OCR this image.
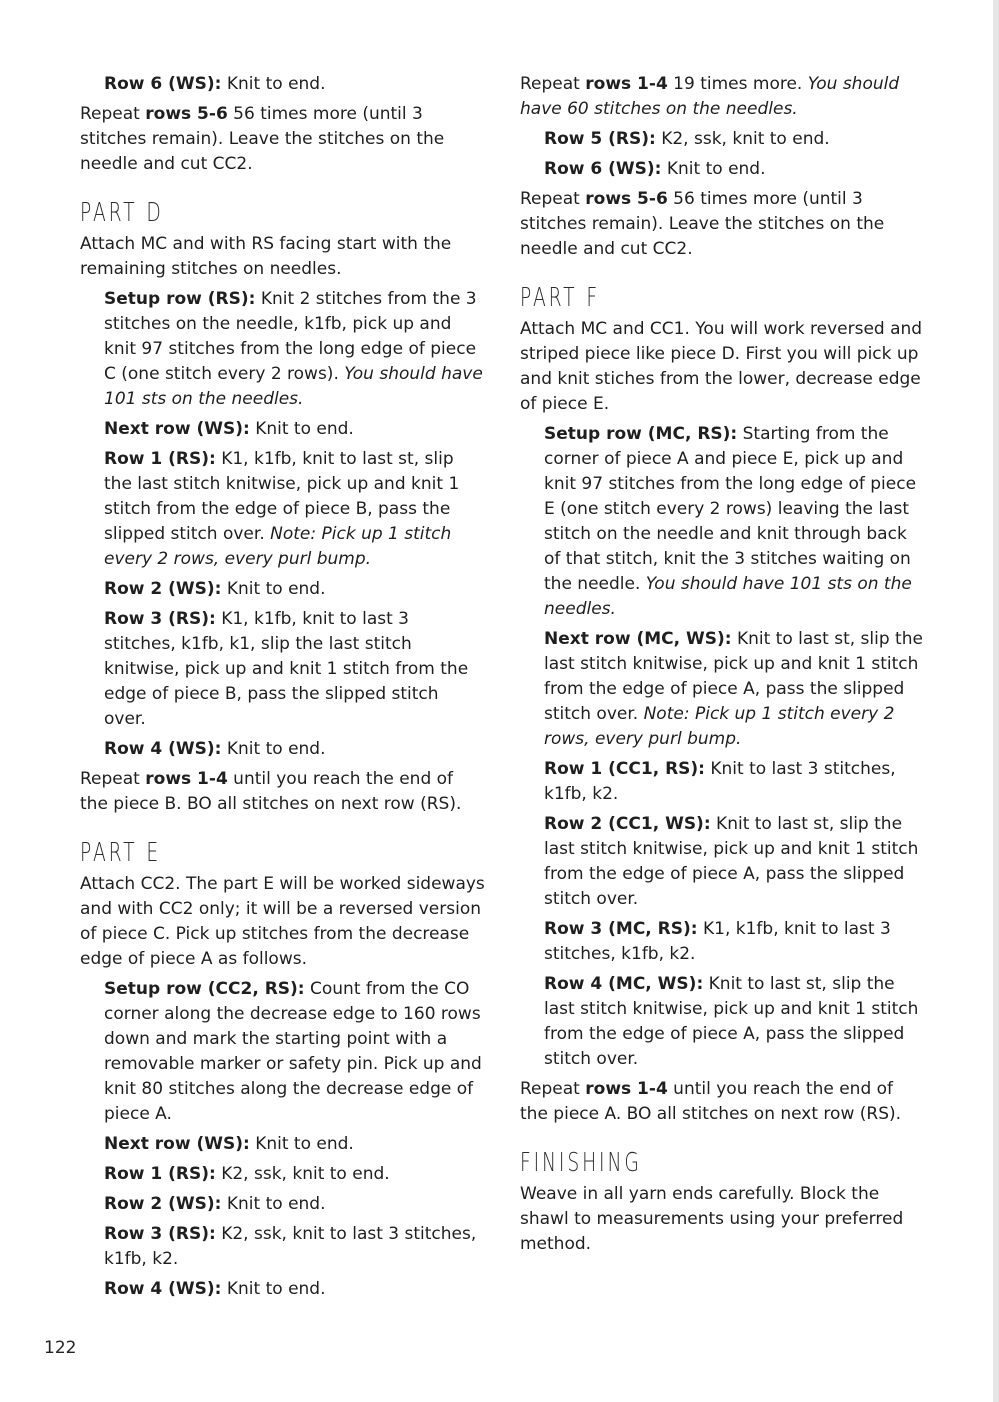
Row 6 (WS): Knit to end.
Repeat rows 5-6 56 times more (until 3 stitches remain). Leave the stitches on the needle and cut CC2.
PART D
Attach MC and with RS facing start with the remaining stitches on needles.
Setup row (RS): Knit 2 stitches from the 3 stitches on the needle, k1fb, pick up and knit 97 stitches from the long edge of piece C (one stitch every 2 rows). You should have 101 sts on the needles.
Next row (WS): Knit to end.
Row 1 (RS): K1, k1fb, knit to last st, slip the last stitch knitwise, pick up and knit 1 stitch from the edge of piece B, pass the slipped stitch over. Note: Pick up 1 stitch every 2 rows, every purl bump.
Row 2 (WS): Knit to end.
Row 3 (RS): K1, k1fb, knit to last 3 stitches, k1fb, k1, slip the last stitch knitwise, pick up and knit 1 stitch from the edge of piece B, pass the slipped stitch over.
Row 4 (WS): Knit to end.
Repeat rows 1-4 until you reach the end of the piece B. BO all stitches on next row (RS).
PART E
Attach CC2. The part E will be worked sideways and with CC2 only; it will be a reversed version of piece C. Pick up stitches from the decrease edge of piece A as follows.
Setup row (CC2, RS): Count from the CO corner along the decrease edge to 160 rows down and mark the starting point with a removable marker or safety pin. Pick up and knit 80 stitches along the decrease edge of piece A.
Next row (WS): Knit to end.
Row 1 (RS): K2, ssk, knit to end.
Row 2 (WS): Knit to end.
Row 3 (RS): K2, ssk, knit to last 3 stitches, k1fb, k2.
Row 4 (WS): Knit to end.
Repeat rows 1-4 19 times more. You should have 60 stitches on the needles.
Row 5 (RS): K2, ssk, knit to end.
Row 6 (WS): Knit to end.
Repeat rows 5-6 56 times more (until 3 stitches remain). Leave the stitches on the needle and cut CC2.
PART F
Attach MC and CC1. You will work reversed and striped piece like piece D. First you will pick up and knit stiches from the lower, decrease edge of piece E.
Setup row (MC, RS): Starting from the corner of piece A and piece E, pick up and knit 97 stitches from the long edge of piece E (one stitch every 2 rows) leaving the last stitch on the needle and knit through back of that stitch, knit the 3 stitches waiting on the needle. You should have 101 sts on the needles.
Next row (MC, WS): Knit to last st, slip the last stitch knitwise, pick up and knit 1 stitch from the edge of piece A, pass the slipped stitch over. Note: Pick up 1 stitch every 2 rows, every purl bump.
Row 1 (CC1, RS): Knit to last 3 stitches, k1fb, k2.
Row 2 (CC1, WS): Knit to last st, slip the last stitch knitwise, pick up and knit 1 stitch from the edge of piece A, pass the slipped stitch over.
Row 3 (MC, RS): K1, k1fb, knit to last 3 stitches, k1fb, k2.
Row 4 (MC, WS): Knit to last st, slip the last stitch knitwise, pick up and knit 1 stitch from the edge of piece A, pass the slipped stitch over.
Repeat rows 1-4 until you reach the end of the piece A. BO all stitches on next row (RS).
FINISHING
Weave in all yarn ends carefully. Block the shawl to measurements using your preferred method.
122
